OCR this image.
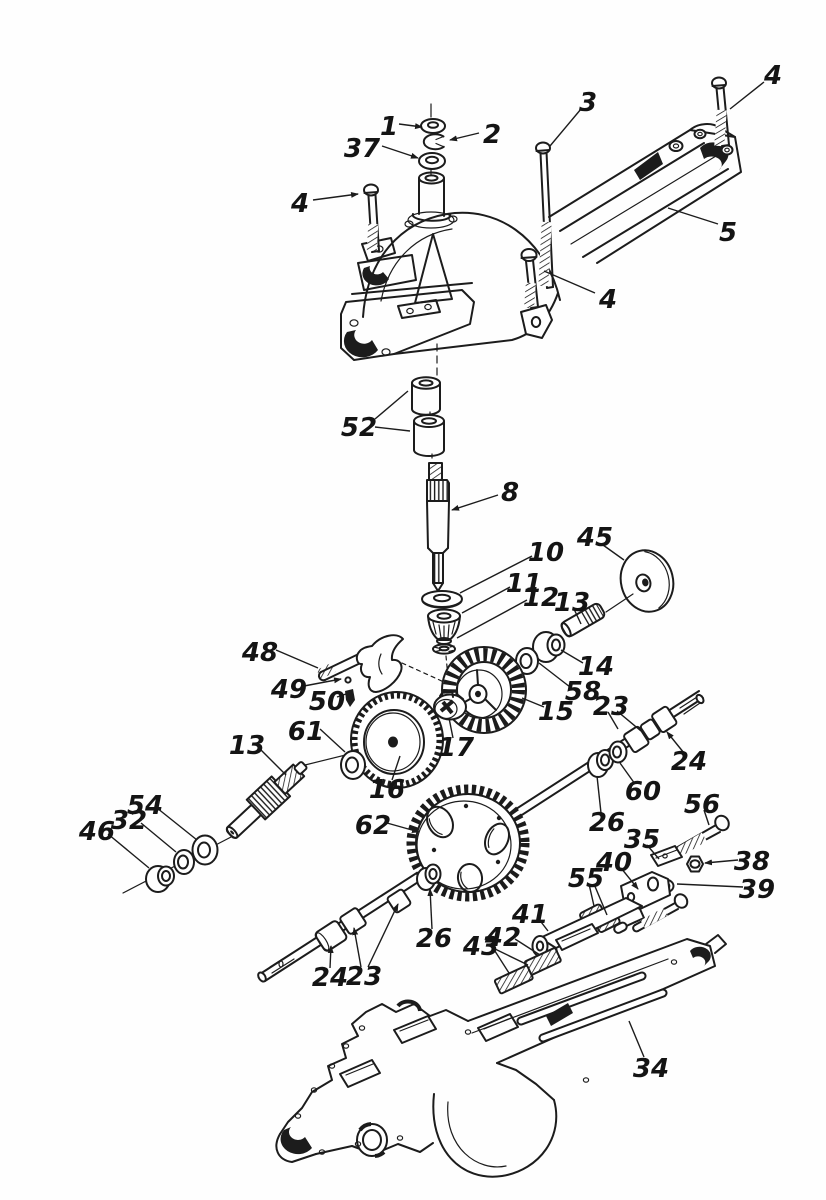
1	2
37
3
4
4
5
4
52
8
45
10
11
12
13
14
58
15 23
48
49 50
61
13	17	24
16	60
26
56
62	35
38
40
55	39
54
32
46
41
42
43
26
24
23
34
